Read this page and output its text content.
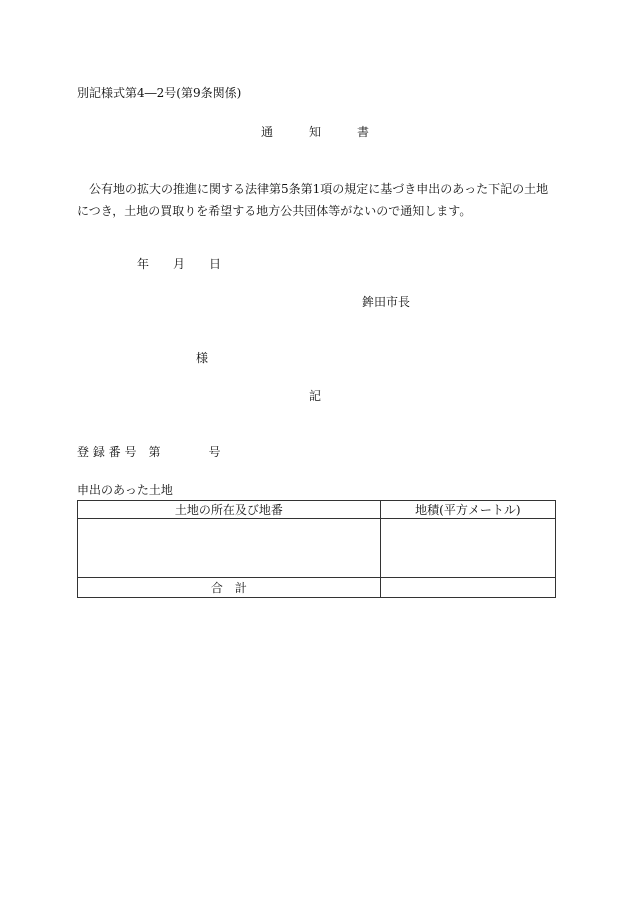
別記様式第4―2号(第9条関係)
通	知	書
公有地の拡大の推進に関する法律第5条第1項の規定に基づき申出のあった下記の土地につき，土地の買取りを希望する地方公共団体等がないので通知します。
年 月 日
鉾田市長
様
記
登 録 番 号 第	号
申出のあった土地
土地の所在及び地番	地積(平方メートル)

合　計	
